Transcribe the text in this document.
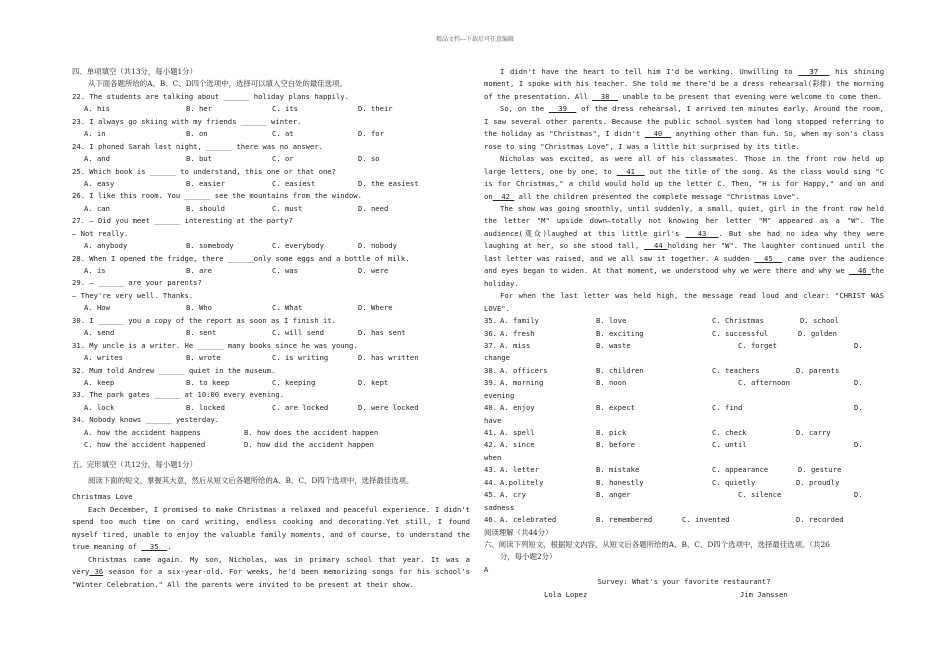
精品文档---下载后可任意编辑
四、单项填空（共13分，每小题1分）
从下面各题所给的A、B、C、D四个选项中，选择可以填入空白处的最佳选项。
22. The students are talking about ______ holiday plans happily.
A. his	B. her	C. its	D. their
23. I always go skiing with my friends ______ winter.
A. in	B. on	C. at	D. for
24. I phoned Sarah last night, ______ there was no answer.
A. and	B. but	C. or	D. so
25. Which book is ______ to understand, this one or that one?
A. easy	B. easier	C. easiest	D. the easiest
26. I like this room. You ______ see the mountains from the window.
A. can	B. should	C. must	D. need
27. — Did you meet ______ interesting at the party?
— Not really.
A. anybody	B. somebody	C. everybody	D. nobody
28. When I opened the fridge, there ______only some eggs and a bottle of milk.
A. is	B. are	C. was	D. were
29. — ______ are your parents?
— They're very well. Thanks.
A. How	B. Who	C. What	D. Where
30. I ______ you a copy of the report as soon as I finish it.
A. send	B. sent	C. will send	D. has sent
31. My uncle is a writer. He ______ many books since he was young.
A. writes	B. wrote	C. is writing	D. has written
32. Mum told Andrew ______ quiet in the museum.
A. keep	B. to keep	C. keeping	D. kept
33. The park gates ______ at 10:00 every evening.
A. lock	B. locked	C. are locked	D. were locked
34. Nobody knows ______ yesterday.
A. how the accident happens	B. how does the accident happen
C. how the accident happened	D. how did the accident happen
五、完形填空（共12分，每小题1分）
阅读下面的短文，掌握其大意，然后从短文后各题所给的A、B、C、D四个选项中，选择最佳选项。
Christmas Love
Each December, I promised to make Christmas a relaxed and peaceful experience. I didn't spend too much time on card writing, endless cooking and decorating.Yet still, I found myself tired, unable to enjoy the valuable family moments, and of course, to understand the true meaning of 35 .
Christmas came again. My son, Nicholas, was in primary school that year. It was a very 36 season for a six-year-old. For weeks, he'd been memorizing songs for his school's "Winter Celebration." All the parents were invited to be present at their show.
I didn't have the heart to tell him I'd be working. Unwilling to 37 his shining moment, I spoke with his teacher. She told me there'd be a dress rehearsal(彩排) the morning of the presentation. All 38 unable to be present that evening were welcome to come then.
So, on the 39 of the dress rehearsal, I arrived ten minutes early. Around the room, I saw several other parents. Because the public school system had long stopped referring to the holiday as "Christmas", I didn't 40 anything other than fun. So, when my son's class rose to sing "Christmas Love", I was a little bit surprised by its title.
Nicholas was excited, as were all of his classmates. Those in the front row held up large letters, one by one, to 41 out the title of the song. As the class would sing "C is for Christmas," a child would hold up the letter C. Then, "H is for Happy," and on and on 42 all the children presented the complete message "Christmas Love".
The show was going smoothly, until suddenly, a small, quiet, girl in the front row held the letter "M" upside down—totally not knowing her letter "M" appeared as a "W". The audience(观众)laughed at this little girl's	43 . But she had no idea why they were laughing at her, so she stood tall, 44 holding her "W". The laughter continued until the last letter was raised, and we all saw it together. A sudden 45 came over the audience and eyes began to widen. At that moment, we understood why we were there and why we 46 the holiday.
For when the last letter was held high, the message read loud and clear: "CHRIST WAS LOVE".
35. A. family	B. love	C. Christmas	D. school
36. A. fresh	B. exciting	C. successful	D. golden
37. A. miss	B. waste	C. forget	D.
change
38. A. officers	B. children	C. teachers	D. parents
39. A. morning	B. noon	C. afternoon	D.
evening
40. A. enjoy	B. expect	C. find	D.
have
41. A. spell	B. pick	C. check	D. carry
42. A. since	B. before	C. until	D.
when
43. A. letter	B. mistake	C. appearance	D. gesture
44. A.politely	B. honestly	C. quietly	D. proudly
45. A. cry	B. anger	C. silence	D.
sadness
46. A. celebrated	B. remembered	C. invented	D. recorded
阅读理解（共44分）
六、阅读下列短文，根据短文内容，从短文后各题所给的A、B、C、D四个选项中，选择最佳选项。（共26
分，每小题2分）
A
Survey: What's your favorite restaurant?
Lola Lopez	Jim Janssen
